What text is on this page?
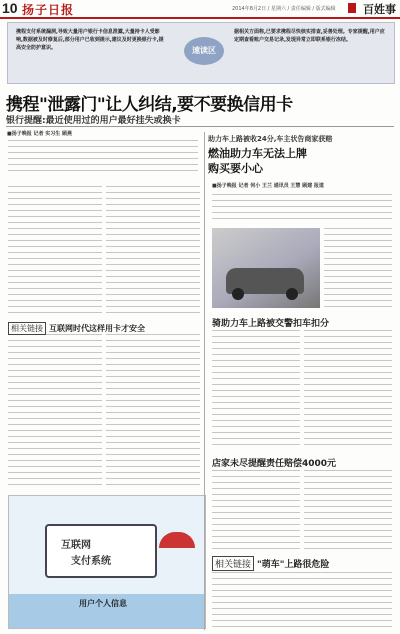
10 扬子日报	2014年8月2日 / 星期六 / 责任编辑 / 版式编辑 百姓事

携程支付系统漏洞,导致大量用户银行卡信息泄露,大量持卡人受影响,数据被及时修复后,部分用户已收到提示,建议及时更换银行卡,提高安全防护意识。	速读区

据相关方面称,已要求携程尽快核实排查,妥善处理。专家提醒,用户应定期查看账户交易记录,发现异常立即联系银行冻结。

携程"泄露门"让人纠结,要不要换信用卡
银行提醒:最近使用过的用户最好挂失或换卡
■扬子晚报 记者 实习生 顾燕
相关链接 互联网时代这样用卡才安全
互联网
支付系统
用户个人信息
助力车上路被收24分,车主状告商家获赔
燃油助力车无法上牌
购买要小心
■扬子晚报 记者 何小 王兰 通讯员 王慧 顾建 报道
骑助力车上路被交警扣车扣分
店家未尽提醒责任赔偿4000元
相关链接 "萌车"上路很危险
